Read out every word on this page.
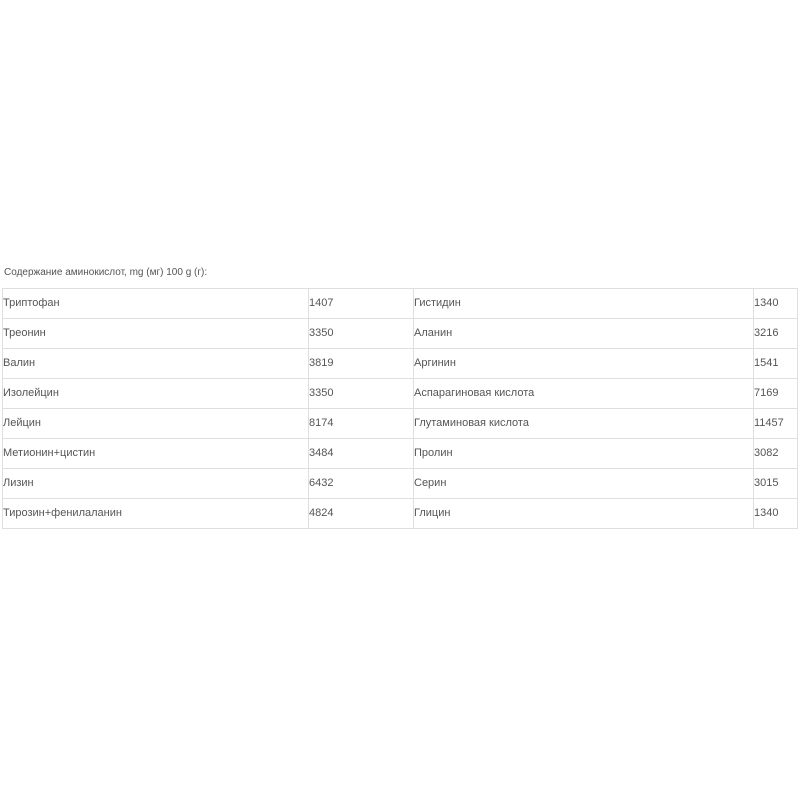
Содержание аминокислот, mg (мг) 100 g (г):
Триптофан	1407	Гистидин	1340
Треонин	3350	Аланин	3216
Валин	3819	Аргинин	1541
Изолейцин	3350	Аспарагиновая кислота	7169
Лейцин	8174	Глутаминовая кислота	11457
Метионин+цистин	3484	Пролин	3082
Лизин	6432	Серин	3015
Тирозин+фенилаланин	4824	Глицин	1340
